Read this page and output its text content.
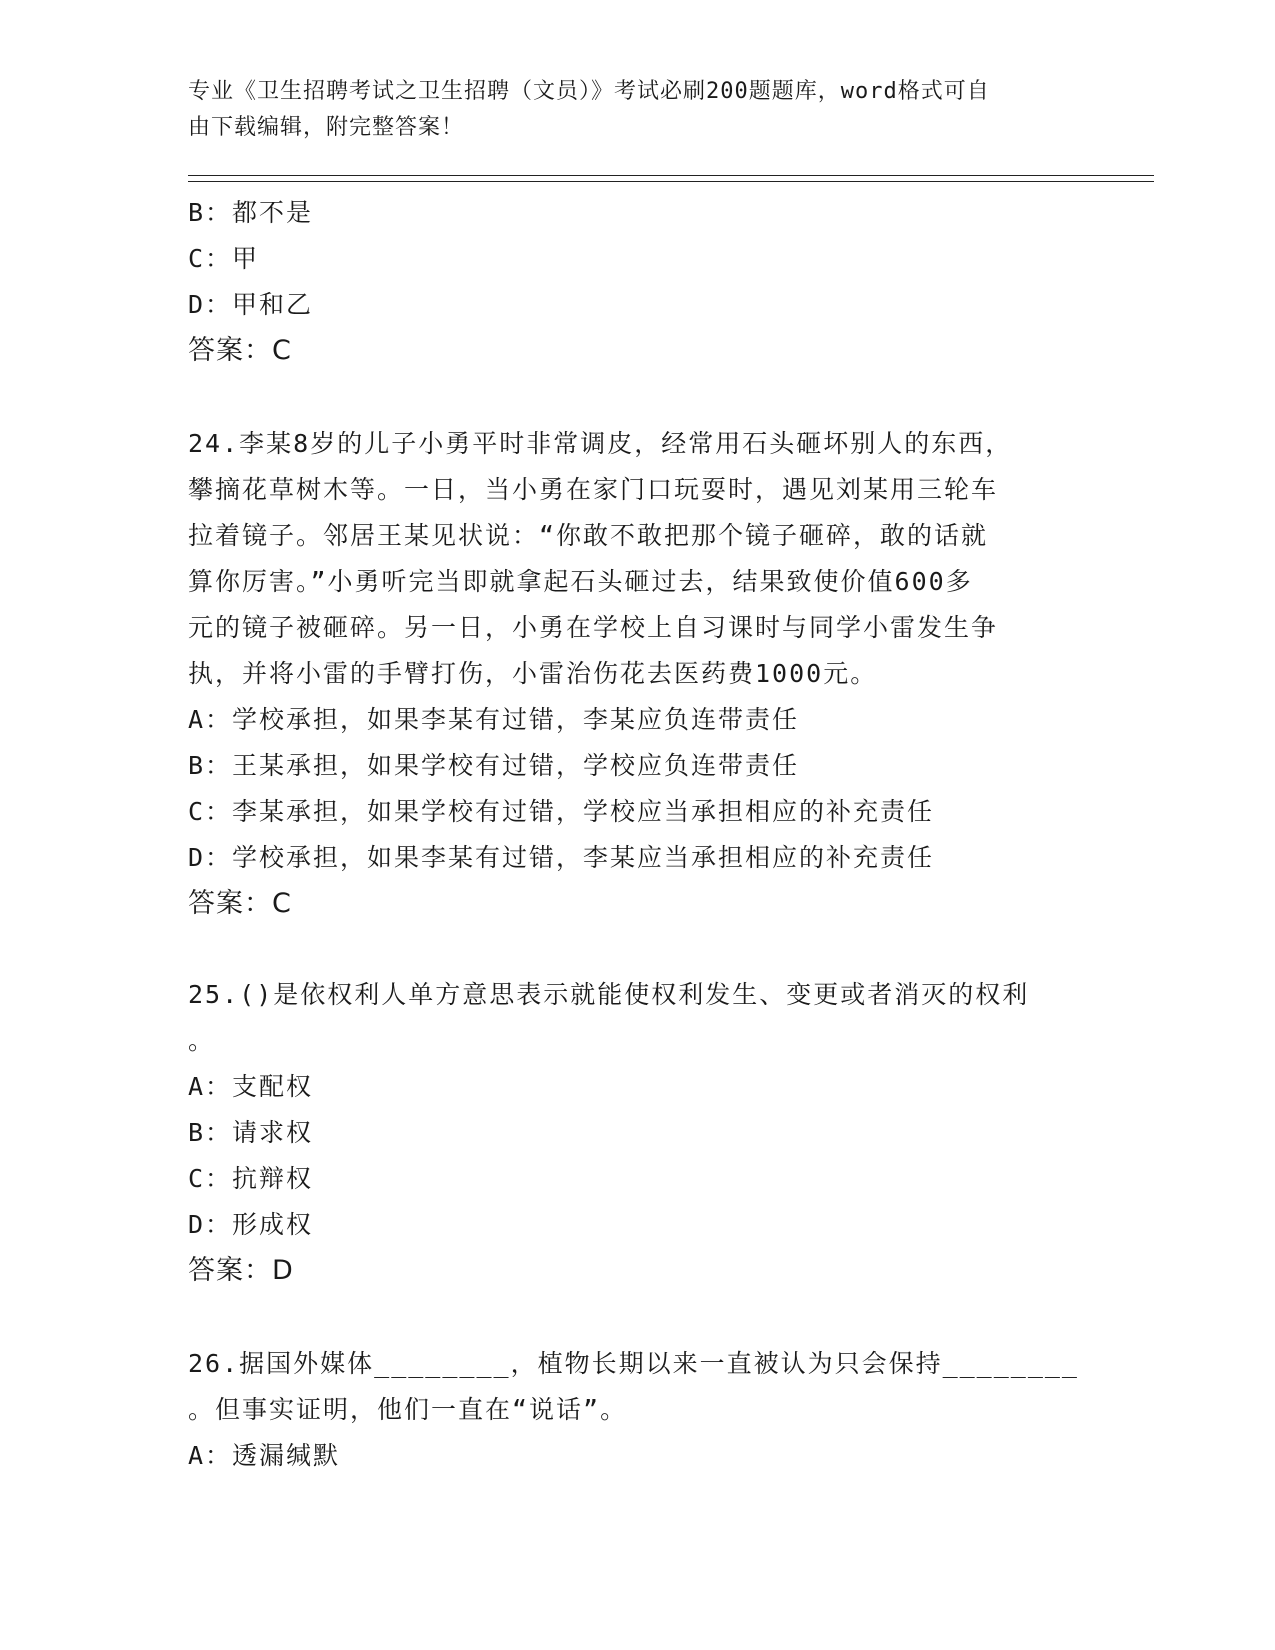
专业《卫生招聘考试之卫生招聘（文员）》考试必刷200题题库，word格式可自
由下载编辑，附完整答案！
B：都不是
C：甲
D：甲和乙
答案：C
24.李某8岁的儿子小勇平时非常调皮，经常用石头砸坏别人的东西，
攀摘花草树木等。一日，当小勇在家门口玩耍时，遇见刘某用三轮车
拉着镜子。邻居王某见状说：“你敢不敢把那个镜子砸碎，敢的话就
算你厉害。”小勇听完当即就拿起石头砸过去，结果致使价值600多
元的镜子被砸碎。另一日，小勇在学校上自习课时与同学小雷发生争
执，并将小雷的手臂打伤，小雷治伤花去医药费1000元。
A：学校承担，如果李某有过错，李某应负连带责任
B：王某承担，如果学校有过错，学校应负连带责任
C：李某承担，如果学校有过错，学校应当承担相应的补充责任
D：学校承担，如果李某有过错，李某应当承担相应的补充责任
答案：C
25.()是依权利人单方意思表示就能使权利发生、变更或者消灭的权利
。
A：支配权
B：请求权
C：抗辩权
D：形成权
答案：D
26.据国外媒体________，植物长期以来一直被认为只会保持________
。但事实证明，他们一直在“说话”。
A：透漏缄默
